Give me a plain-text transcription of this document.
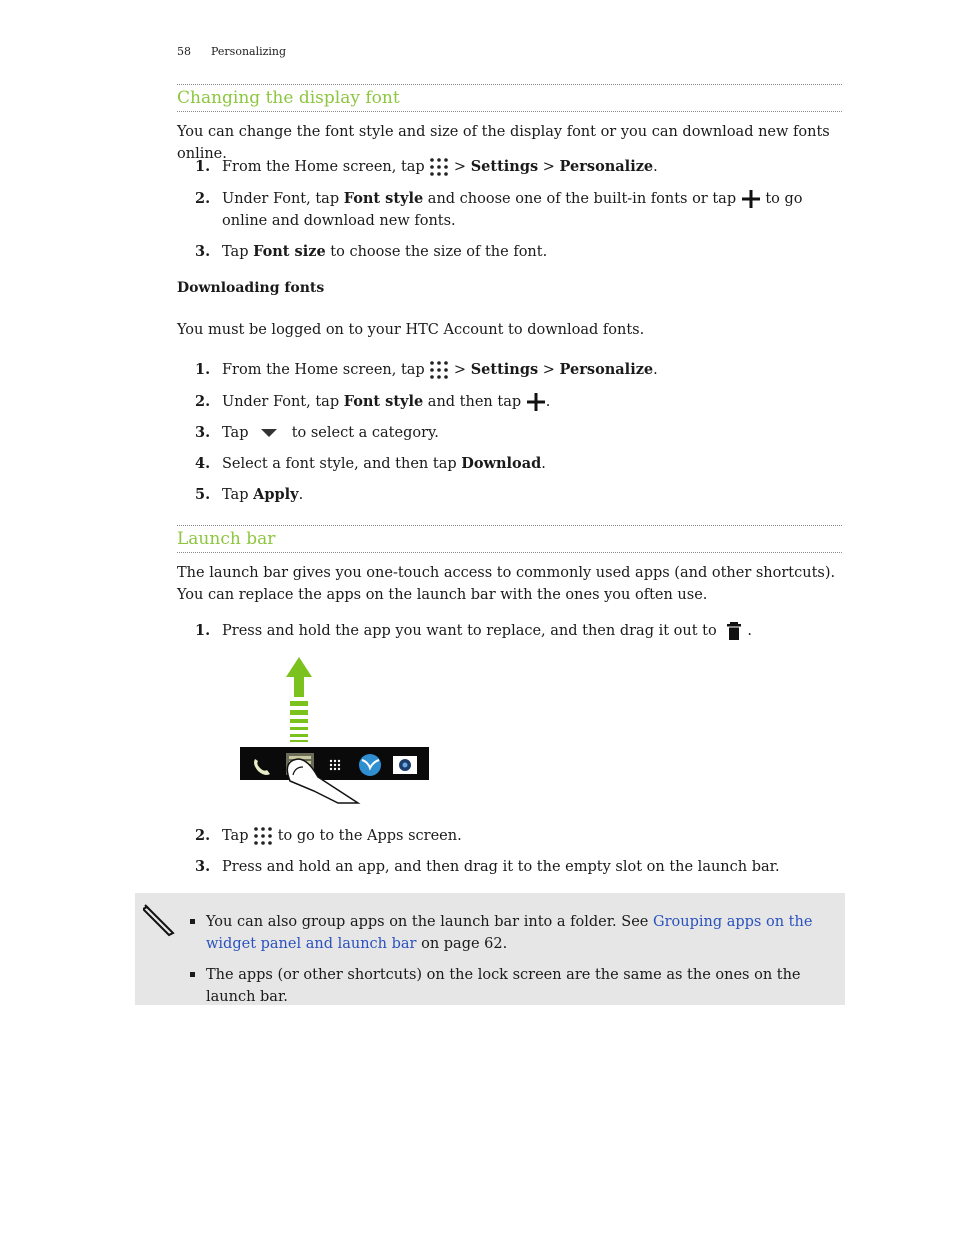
58 Personalizing
Changing the display font
You can change the font style and size of the display font or you can download new fonts online.
1. From the Home screen, tap  > Settings > Personalize.
2. Under Font, tap Font style and choose one of the built-in fonts or tap  to go online and download new fonts.
3. Tap Font size to choose the size of the font.
Downloading fonts
You must be logged on to your HTC Account to download fonts.
1. From the Home screen, tap  > Settings > Personalize.
2. Under Font, tap Font style and then tap .
3. Tap	to select a category.
4. Select a font style, and then tap Download.
5. Tap Apply.
Launch bar
The launch bar gives you one-touch access to commonly used apps (and other shortcuts). You can replace the apps on the launch bar with the ones you often use.
1. Press and hold the app you want to replace, and then drag it out to .
2. Tap to go to the Apps screen.
3. Press and hold an app, and then drag it to the empty slot on the launch bar.
You can also group apps on the launch bar into a folder. See Grouping apps on the widget panel and launch bar on page 62.
The apps (or other shortcuts) on the lock screen are the same as the ones on the launch bar.
